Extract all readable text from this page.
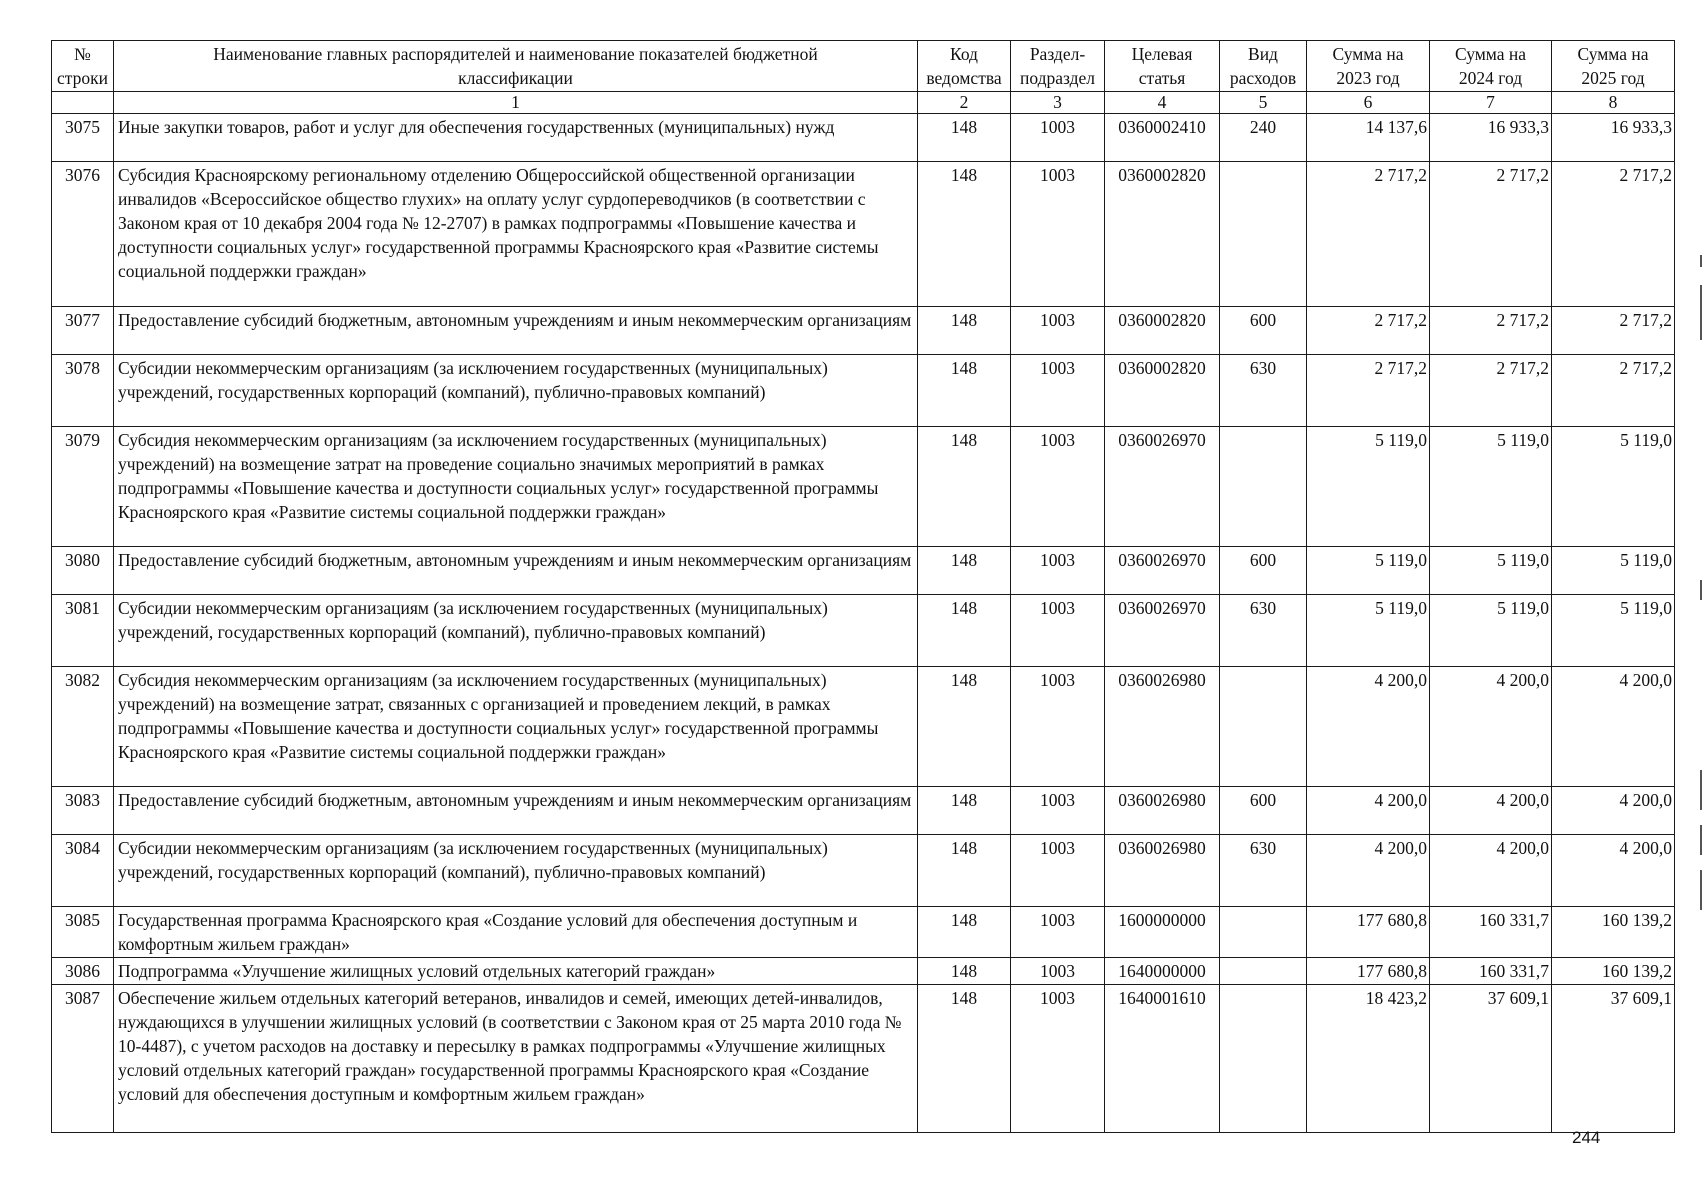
№ строки	Наименование главных распорядителей и наименование показателей бюджетной классификации	Код ведомства	Раздел- подраздел	Целевая статья	Вид расходов	Сумма на 2023 год	Сумма на 2024 год	Сумма на 2025 год
	1	2	3	4	5	6	7	8
3075	Иные закупки товаров, работ и услуг для обеспечения государственных (муниципальных) нужд	148	1003	0360002410	240	14 137,6	16 933,3	16 933,3
3076	Субсидия Красноярскому региональному отделению Общероссийской общественной организации инвалидов «Всероссийское общество глухих» на оплату услуг сурдопереводчиков (в соответствии с Законом края от 10 декабря 2004 года № 12-2707) в рамках подпрограммы «Повышение качества и доступности социальных услуг» государственной программы Красноярского края «Развитие системы социальной поддержки граждан»	148	1003	0360002820		2 717,2	2 717,2	2 717,2
3077	Предоставление субсидий бюджетным, автономным учреждениям и иным некоммерческим организациям	148	1003	0360002820	600	2 717,2	2 717,2	2 717,2
3078	Субсидии некоммерческим организациям (за исключением государственных (муниципальных) учреждений, государственных корпораций (компаний), публично-правовых компаний)	148	1003	0360002820	630	2 717,2	2 717,2	2 717,2
3079	Субсидия некоммерческим организациям (за исключением государственных (муниципальных) учреждений) на возмещение затрат на проведение социально значимых мероприятий в рамках подпрограммы «Повышение качества и доступности социальных услуг» государственной программы Красноярского края «Развитие системы социальной поддержки граждан»	148	1003	0360026970		5 119,0	5 119,0	5 119,0
3080	Предоставление субсидий бюджетным, автономным учреждениям и иным некоммерческим организациям	148	1003	0360026970	600	5 119,0	5 119,0	5 119,0
3081	Субсидии некоммерческим организациям (за исключением государственных (муниципальных) учреждений, государственных корпораций (компаний), публично-правовых компаний)	148	1003	0360026970	630	5 119,0	5 119,0	5 119,0
3082	Субсидия некоммерческим организациям (за исключением государственных (муниципальных) учреждений) на возмещение затрат, связанных с организацией и проведением лекций, в рамках подпрограммы «Повышение качества и доступности социальных услуг» государственной программы Красноярского края «Развитие системы социальной поддержки граждан»	148	1003	0360026980		4 200,0	4 200,0	4 200,0
3083	Предоставление субсидий бюджетным, автономным учреждениям и иным некоммерческим организациям	148	1003	0360026980	600	4 200,0	4 200,0	4 200,0
3084	Субсидии некоммерческим организациям (за исключением государственных (муниципальных) учреждений, государственных корпораций (компаний), публично-правовых компаний)	148	1003	0360026980	630	4 200,0	4 200,0	4 200,0
3085	Государственная программа Красноярского края «Создание условий для обеспечения доступным и комфортным жильем граждан»	148	1003	1600000000		177 680,8	160 331,7	160 139,2
3086	Подпрограмма «Улучшение жилищных условий отдельных категорий граждан»	148	1003	1640000000		177 680,8	160 331,7	160 139,2
3087	Обеспечение жильем отдельных категорий ветеранов, инвалидов и семей, имеющих детей-инвалидов, нуждающихся в улучшении жилищных условий (в соответствии с Законом края от 25 марта 2010 года № 10-4487), с учетом расходов на доставку и пересылку в рамках подпрограммы «Улучшение жилищных условий отдельных категорий граждан» государственной программы Красноярского края «Создание условий для обеспечения доступным и комфортным жильем граждан»	148	1003	1640001610		18 423,2	37 609,1	37 609,1
244
